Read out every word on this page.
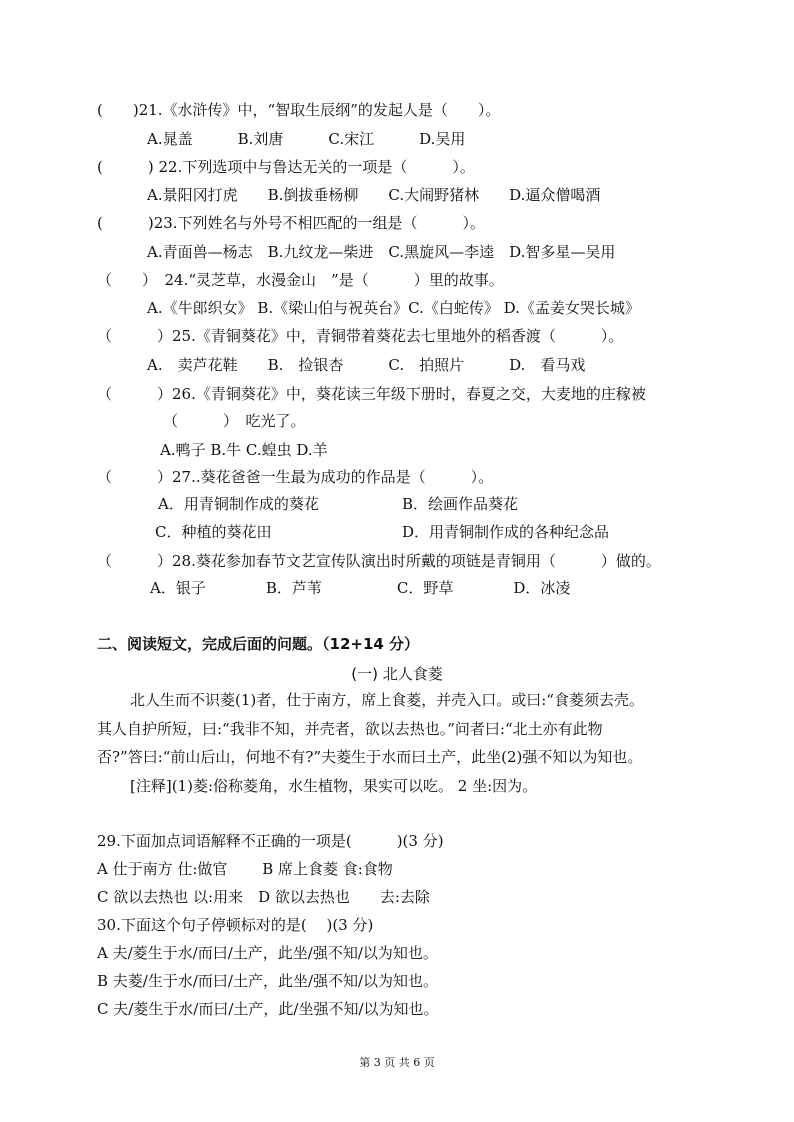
(　　)21.《水浒传》中，“智取生辰纲”的发起人是（　　）。
A.晁盖　　　B.刘唐　　　C.宋江　　　D.吴用
(　　　) 22.下列选项中与鲁达无关的一项是（　　　）。
A.景阳冈打虎　　B.倒拔垂杨柳　　C.大闹野猪林　　D.逼众僧喝酒
(　　　)23.下列姓名与外号不相匹配的一组是（　　　）。
A.青面兽—杨志　B.九纹龙—柴进　C.黑旋风—李逵　D.智多星—吴用
（　　）　24.“灵芝草，水漫金山　”是（　　　）里的故事。
A.《牛郎织女》 B.《梁山伯与祝英台》C.《白蛇传》 D.《孟姜女哭长城》
（　　　）25.《青铜葵花》中，青铜带着葵花去七里地外的稻香渡（　　　）。
A.　卖芦花鞋　　B.　捡银杏　　　C.　拍照片　　　D.　看马戏
（　　　）26.《青铜葵花》中，葵花读三年级下册时，春夏之交，大麦地的庄稼被
（　　　）　吃光了。
A.鸭子 B.牛 C.蝗虫 D.羊
（　　　）27..葵花爸爸一生最为成功的作品是（　　　）。
A．用青铜制作成的葵花	B．绘画作品葵花
C．种植的葵花田	D．用青铜制作成的各种纪念品
（　　　）28.葵花参加春节文艺宣传队演出时所戴的项链是青铜用（　　　）做的。
A．银子　　　　B．芦苇　　　　　C．野草　　　　D．冰凌
二、阅读短文，完成后面的问题。（12+14 分）
(一) 北人食菱
北人生而不识菱(1)者，仕于南方，席上食菱，并壳入口。或曰:“食菱须去壳。
其人自护所短，曰:“我非不知，并壳者，欲以去热也。”问者曰:“北土亦有此物
否?”答曰:“前山后山，何地不有?”夫菱生于水而曰土产，此坐(2)强不知以为知也。
[注释](1)菱:俗称菱角，水生植物，果实可以吃。 2 坐:因为。
29.下面加点词语解释不正确的一项是(　　　)(3 分)
A 仕于南方 仕:做官　　 B 席上食菱 食:食物
C 欲以去热也 以:用来　D 欲以去热也　　去:去除
30.下面这个句子停顿标对的是(　 )(3 分)
A 夫/菱生于水/而曰/土产，此坐/强不知/以为知也。
B 夫菱/生于水/而曰/土产，此坐/强不知/以为知也。
C 夫/菱生于水/而曰/土产，此/坐强不知/以为知也。
第 3 页 共 6 页
